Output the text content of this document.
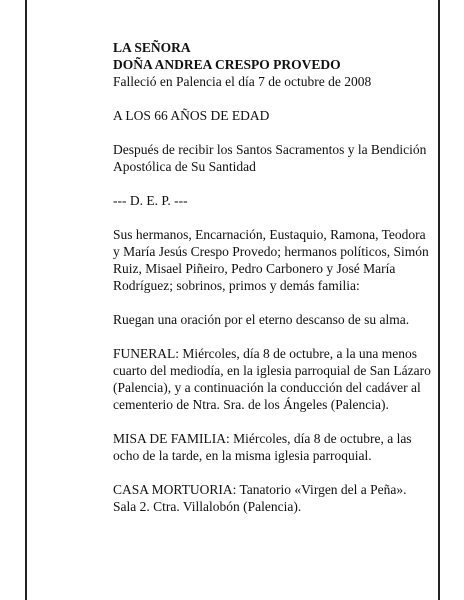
LA SEÑORA

DOÑA ANDREA CRESPO PROVEDO

Falleció en Palencia el día 7 de octubre de 2008

A LOS 66 AÑOS DE EDAD

Después de recibir los Santos Sacramentos y la Bendición Apostólica de Su Santidad

--- D. E. P. ---

Sus hermanos, Encarnación, Eustaquio, Ramona, Teodora y María Jesús Crespo Provedo; hermanos políticos, Simón Ruiz, Misael Piñeiro, Pedro Carbonero y José María Rodríguez; sobrinos, primos y demás familia:

Ruegan una oración por el eterno descanso de su alma.

FUNERAL: Miércoles, día 8 de octubre, a la una menos cuarto del mediodía, en la iglesia parroquial de San Lázaro (Palencia), y a continuación la conducción del cadáver al cementerio de Ntra. Sra. de los Ángeles (Palencia).

MISA DE FAMILIA: Miércoles, día 8 de octubre, a las ocho de la tarde, en la misma iglesia parroquial.

CASA MORTUORIA: Tanatorio «Virgen del a Peña». Sala 2. Ctra. Villalobón (Palencia).
